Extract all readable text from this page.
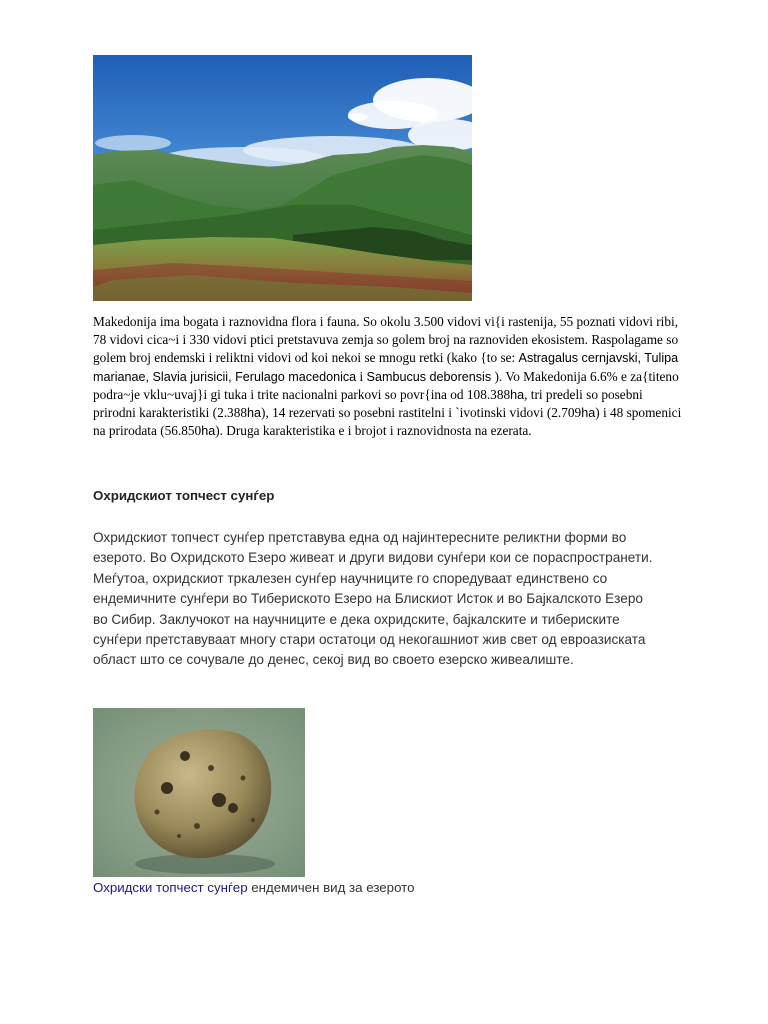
Makedonija ima bogata i raznovidna flora i fauna. So okolu 3.500 vidovi vi{i rastenija, 55 poznati vidovi ribi, 78 vidovi cica~i i 330 vidovi ptici pretstavuva zemja so golem broj na raznoviden ekosistem. Raspolagame so golem broj endemski i reliktni vidovi od koi nekoi se mnogu retki (kako {to se: Astragalus cernjavski, Tulipa marianae, Slavia jurisicii, Ferulago macedonica i Sambucus deborensis ). Vo Makedonija 6.6% e za{titeno podra~je vklu~uvaj}i gi tuka i trite nacionalni parkovi so povr{ina od 108.388ha, tri predeli so posebni prirodni karakteristiki (2.388ha), 14 rezervati so posebni rastitelni i `ivotinski vidovi (2.709ha) i 48 spomenici na prirodata (56.850ha). Druga karakteristika e i brojot i raznovidnosta na ezerata.

Охридскиот топчест сунѓер

Охридскиот топчест сунѓер претставува една од најинтересните реликтни форми во езерото. Во Охридското Езеро живеат и други видови сунѓери кои се пораспространети. Меѓутоа, охридскиот тркалезен сунѓер научниците го споредуваат единствено со ендемичните сунѓери во Тибериското Езеро на Блискиот Исток и во Бајкалското Езеро во Сибир. Заклучокот на научниците е дека охридските, бајкалските и тибериските сунѓери претставуваат многу стари остатоци од некогашниот жив свет од евроазиската област што се сочувале до денес, секој вид во своето езерско живеалиште.

Охридски топчест сунѓер ендемичен вид за езерото
